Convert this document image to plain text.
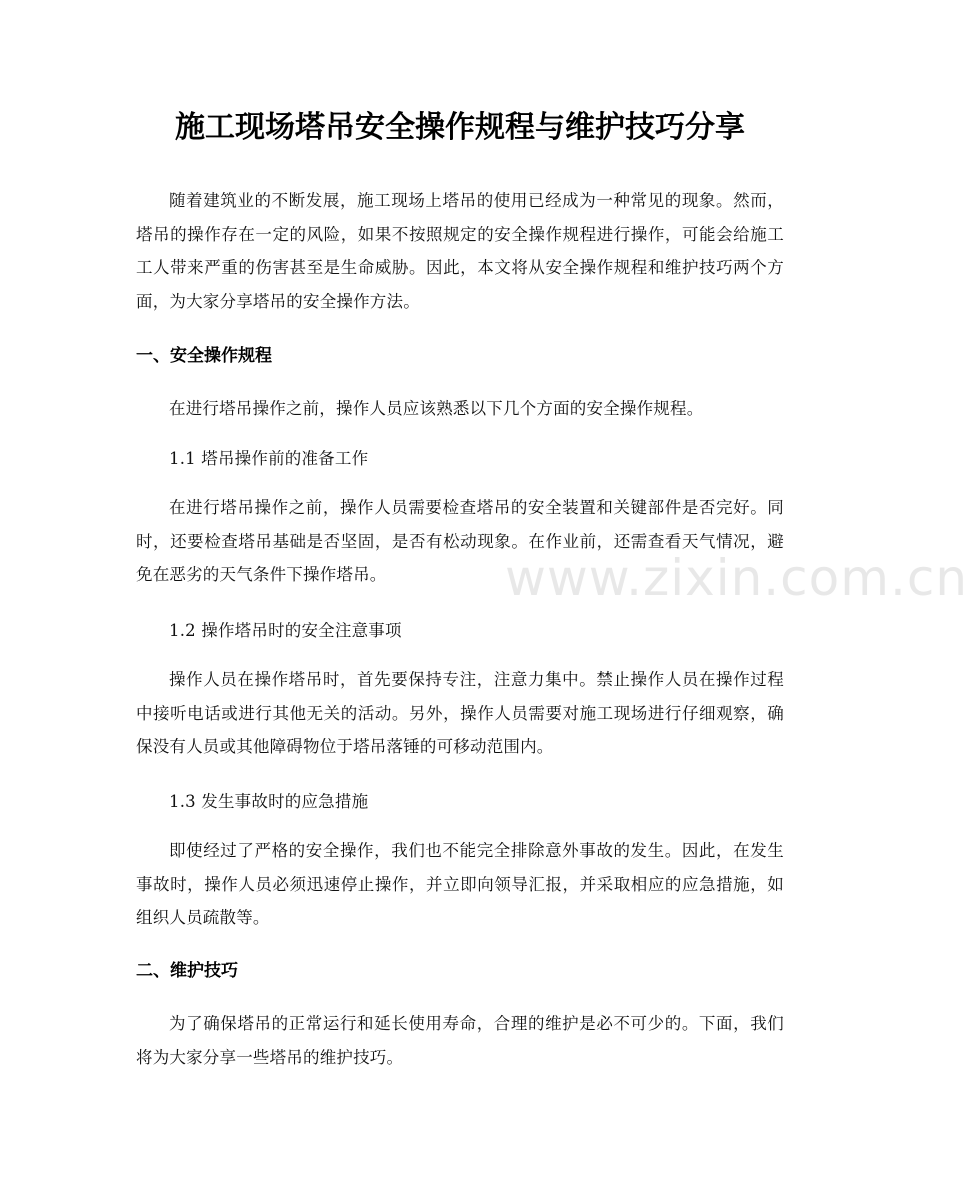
施工现场塔吊安全操作规程与维护技巧分享
随着建筑业的不断发展，施工现场上塔吊的使用已经成为一种常见的现象。然而，塔吊的操作存在一定的风险，如果不按照规定的安全操作规程进行操作，可能会给施工工人带来严重的伤害甚至是生命威胁。因此，本文将从安全操作规程和维护技巧两个方面，为大家分享塔吊的安全操作方法。
一、安全操作规程
在进行塔吊操作之前，操作人员应该熟悉以下几个方面的安全操作规程。
1.1 塔吊操作前的准备工作
在进行塔吊操作之前，操作人员需要检查塔吊的安全装置和关键部件是否完好。同时，还要检查塔吊基础是否坚固，是否有松动现象。在作业前，还需查看天气情况，避免在恶劣的天气条件下操作塔吊。
1.2 操作塔吊时的安全注意事项
操作人员在操作塔吊时，首先要保持专注，注意力集中。禁止操作人员在操作过程中接听电话或进行其他无关的活动。另外，操作人员需要对施工现场进行仔细观察，确保没有人员或其他障碍物位于塔吊落锤的可移动范围内。
1.3 发生事故时的应急措施
即使经过了严格的安全操作，我们也不能完全排除意外事故的发生。因此，在发生事故时，操作人员必须迅速停止操作，并立即向领导汇报，并采取相应的应急措施，如组织人员疏散等。
二、维护技巧
为了确保塔吊的正常运行和延长使用寿命，合理的维护是必不可少的。下面，我们将为大家分享一些塔吊的维护技巧。
www.zixin.com.cn
